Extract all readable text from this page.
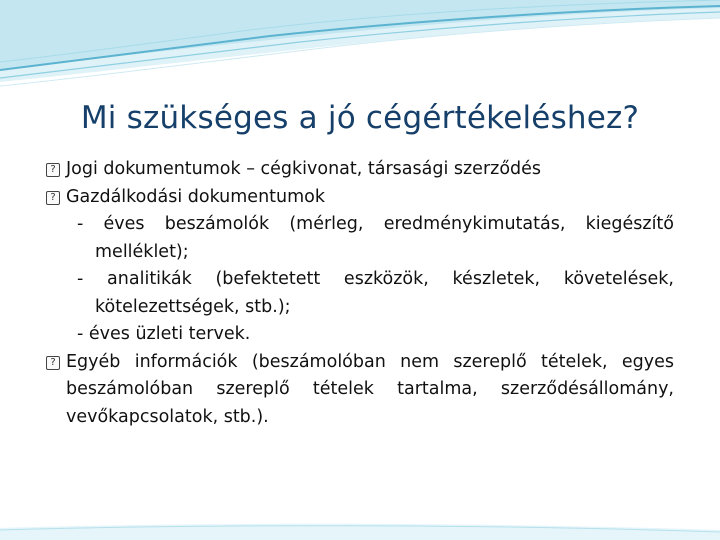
Mi szükséges a jó cégértékeléshez?
? Jogi dokumentumok – cégkivonat, társasági szerződés
? Gazdálkodási dokumentumok
- éves beszámolók (mérleg, eredménykimutatás, kiegészítő melléklet);
- analitikák (befektetett eszközök, készletek, követelések, kötelezettségek, stb.);
- éves üzleti tervek.
? Egyéb információk (beszámolóban nem szereplő tételek, egyes beszámolóban szereplő tételek tartalma, szerződésállomány, vevőkapcsolatok, stb.).
